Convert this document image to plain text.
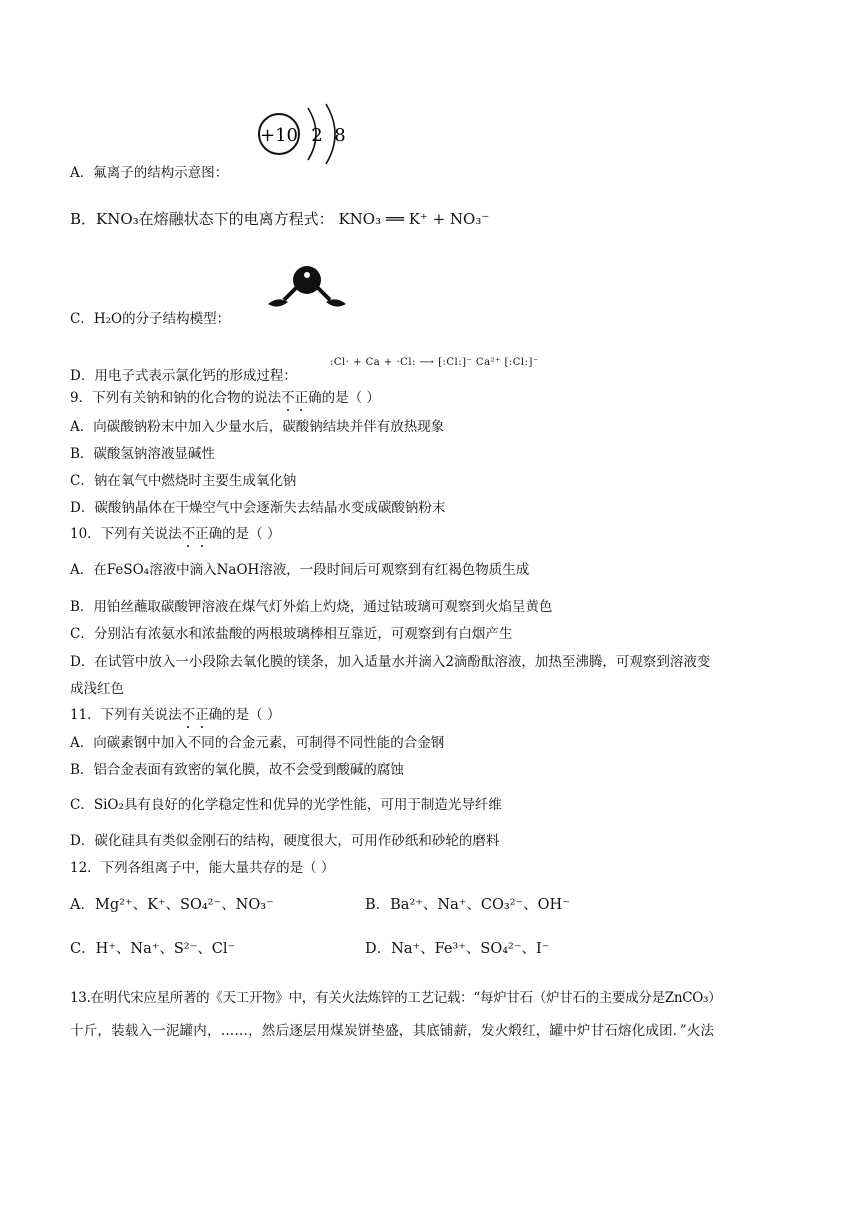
+10 2 8
A．氟离子的结构示意图：
B．KNO₃在熔融状态下的电离方程式： KNO₃ ══ K⁺ + NO₃⁻
C．H₂O的分子结构模型：
D．用电子式表示氯化钙的形成过程：
:Cl· + Ca + ·Cl: ⟶ [:Cl:]⁻ Ca²⁺ [:Cl:]⁻
9．下列有关钠和钠的化合物的说法不正确的是（ ）
A．向碳酸钠粉末中加入少量水后，碳酸钠结块并伴有放热现象
B．碳酸氢钠溶液显碱性
C．钠在氧气中燃烧时主要生成氧化钠
D．碳酸钠晶体在干燥空气中会逐渐失去结晶水变成碳酸钠粉末
10．下列有关说法不正确的是（ ）
A．在FeSO₄溶液中滴入NaOH溶液，一段时间后可观察到有红褐色物质生成
B．用铂丝蘸取碳酸钾溶液在煤气灯外焰上灼烧，通过钴玻璃可观察到火焰呈黄色
C．分别沾有浓氨水和浓盐酸的两根玻璃棒相互靠近，可观察到有白烟产生
D．在试管中放入一小段除去氧化膜的镁条，加入适量水并滴入2滴酚酞溶液，加热至沸腾，可观察到溶液变
成浅红色
11．下列有关说法不正确的是（ ）
A．向碳素钢中加入不同的合金元素，可制得不同性能的合金钢
B．铝合金表面有致密的氧化膜，故不会受到酸碱的腐蚀
C．SiO₂具有良好的化学稳定性和优异的光学性能，可用于制造光导纤维
D．碳化硅具有类似金刚石的结构，硬度很大，可用作砂纸和砂轮的磨料
12．下列各组离子中，能大量共存的是（ ）
A．Mg²⁺、K⁺、SO₄²⁻、NO₃⁻	B．Ba²⁺、Na⁺、CO₃²⁻、OH⁻
C．H⁺、Na⁺、S²⁻、Cl⁻	D．Na⁺、Fe³⁺、SO₄²⁻、I⁻
13.在明代宋应星所著的《天工开物》中，有关火法炼锌的工艺记载：“每炉甘石（炉甘石的主要成分是ZnCO₃）
十斤，装载入一泥罐内，……，然后逐层用煤炭饼垫盛，其底铺薪，发火煅红，罐中炉甘石熔化成团．”火法
